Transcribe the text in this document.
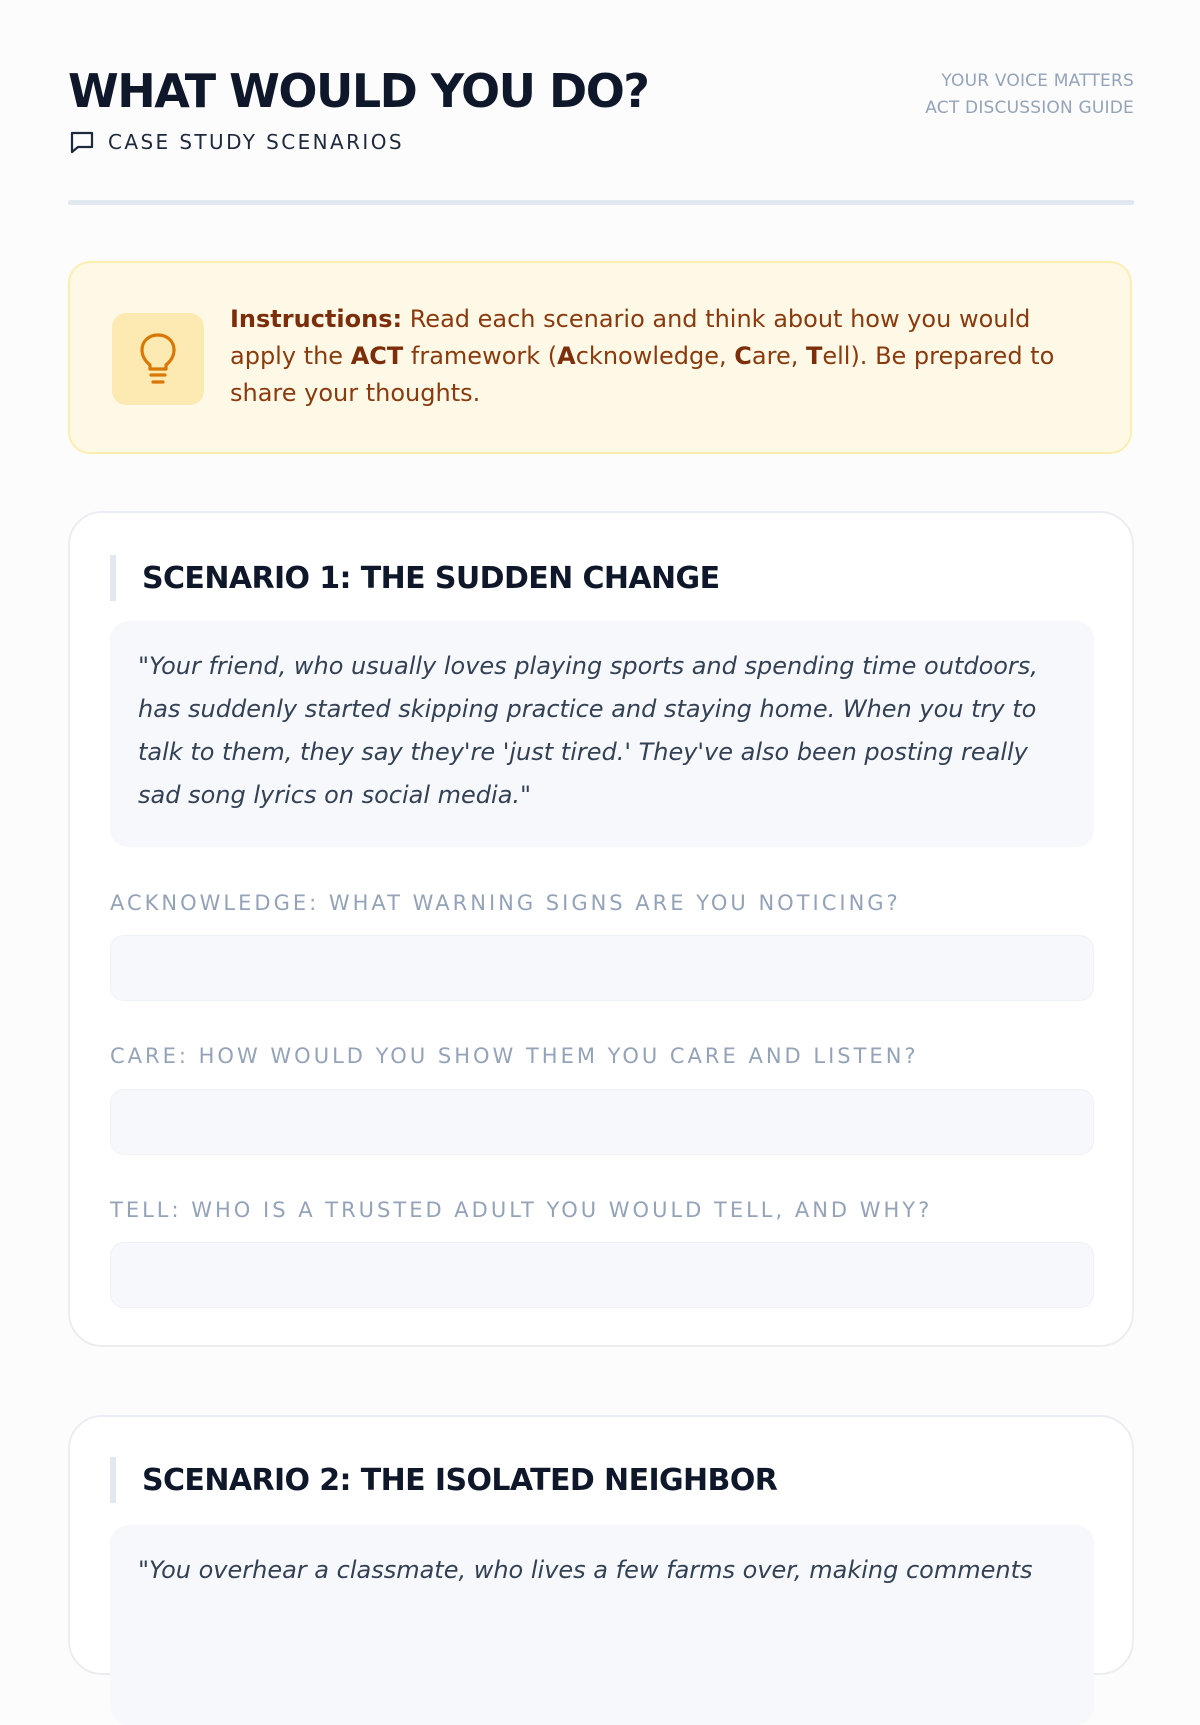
WHAT WOULD YOU DO?
CASE STUDY SCENARIOS
YOUR VOICE MATTERS
ACT DISCUSSION GUIDE
Instructions: Read each scenario and think about how you would apply the ACT framework (Acknowledge, Care, Tell). Be prepared to share your thoughts.
SCENARIO 1: THE SUDDEN CHANGE
"Your friend, who usually loves playing sports and spending time outdoors, has suddenly started skipping practice and staying home. When you try to talk to them, they say they're 'just tired.' They've also been posting really sad song lyrics on social media."
ACKNOWLEDGE: WHAT WARNING SIGNS ARE YOU NOTICING?
CARE: HOW WOULD YOU SHOW THEM YOU CARE AND LISTEN?
TELL: WHO IS A TRUSTED ADULT YOU WOULD TELL, AND WHY?
SCENARIO 2: THE ISOLATED NEIGHBOR
"You overhear a classmate, who lives a few farms over, making comments
